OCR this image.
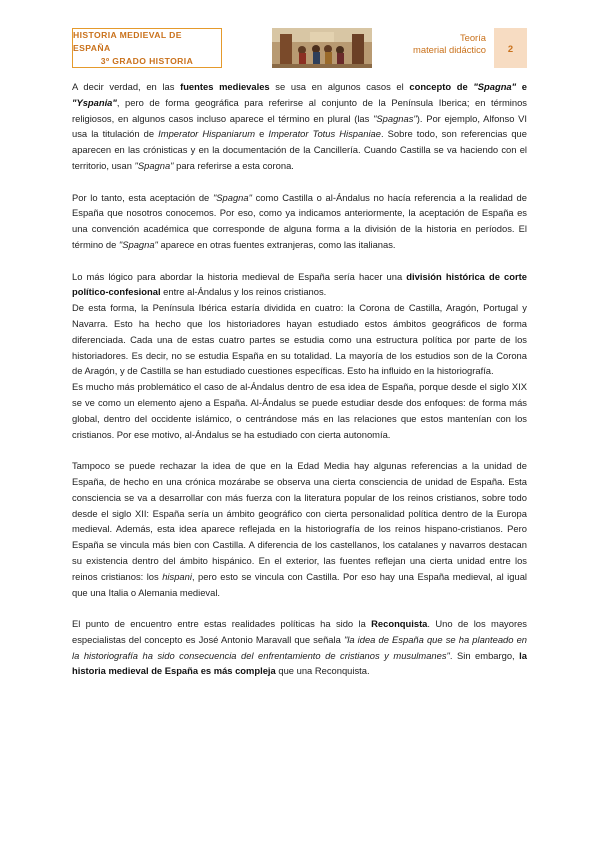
HISTORIA MEDIEVAL DE ESPAÑA
3º GRADO HISTORIA
Teoría
material didáctico	2

A decir verdad, en las fuentes medievales se usa en algunos casos el concepto de "Spagna" e "Yspania", pero de forma geográfica para referirse al conjunto de la Península Iberica; en términos religiosos, en algunos casos incluso aparece el término en plural (las "Spagnas"). Por ejemplo, Alfonso VI usa la titulación de Imperator Hispaniarum e Imperator Totus Hispaniae. Sobre todo, son referencias que aparecen en las crónisticas y en la documentación de la Cancillería. Cuando Castilla se va haciendo con el territorio, usan "Spagna" para referirse a esta corona.

Por lo tanto, esta aceptación de "Spagna" como Castilla o al-Ándalus no hacía referencia a la realidad de España que nosotros conocemos. Por eso, como ya indicamos anteriormente, la aceptación de España es una convención académica que corresponde de alguna forma a la división de la historia en períodos. El término de "Spagna" aparece en otras fuentes extranjeras, como las italianas.

Lo más lógico para abordar la historia medieval de España sería hacer una división histórica de corte político-confesional entre al-Ándalus y los reinos cristianos.

De esta forma, la Península Ibérica estaría dividida en cuatro: la Corona de Castilla, Aragón, Portugal y Navarra. Esto ha hecho que los historiadores hayan estudiado estos ámbitos geográficos de forma diferenciada. Cada una de estas cuatro partes se estudia como una estructura política por parte de los historiadores. Es decir, no se estudia España en su totalidad. La mayoría de los estudios son de la Corona de Aragón, y de Castilla se han estudiado cuestiones específicas. Esto ha influido en la historiografía.

Es mucho más problemático el caso de al-Ándalus dentro de esa idea de España, porque desde el siglo XIX se ve como un elemento ajeno a España. Al-Ándalus se puede estudiar desde dos enfoques: de forma más global, dentro del occidente islámico, o centrándose más en las relaciones que estos mantenían con los cristianos. Por ese motivo, al-Ándalus se ha estudiado con cierta autonomía.

Tampoco se puede rechazar la idea de que en la Edad Media hay algunas referencias a la unidad de España, de hecho en una crónica mozárabe se observa una cierta consciencia de unidad de España. Esta consciencia se va a desarrollar con más fuerza con la literatura popular de los reinos cristianos, sobre todo desde el siglo XII: España sería un ámbito geográfico con cierta personalidad política dentro de la Europa medieval. Además, esta idea aparece reflejada en la historiografía de los reinos hispano-cristianos. Pero España se vincula más bien con Castilla. A diferencia de los castellanos, los catalanes y navarros destacan su existencia dentro del ámbito hispánico. En el exterior, las fuentes reflejan una cierta unidad entre los reinos cristianos: los hispani, pero esto se vincula con Castilla. Por eso hay una España medieval, al igual que una Italia o Alemania medieval.

El punto de encuentro entre estas realidades políticas ha sido la Reconquista. Uno de los mayores especialistas del concepto es José Antonio Maravall que señala "la idea de España que se ha planteado en la historiografía ha sido consecuencia del enfrentamiento de cristianos y musulmanes". Sin embargo, la historia medieval de España es más compleja que una Reconquista.
